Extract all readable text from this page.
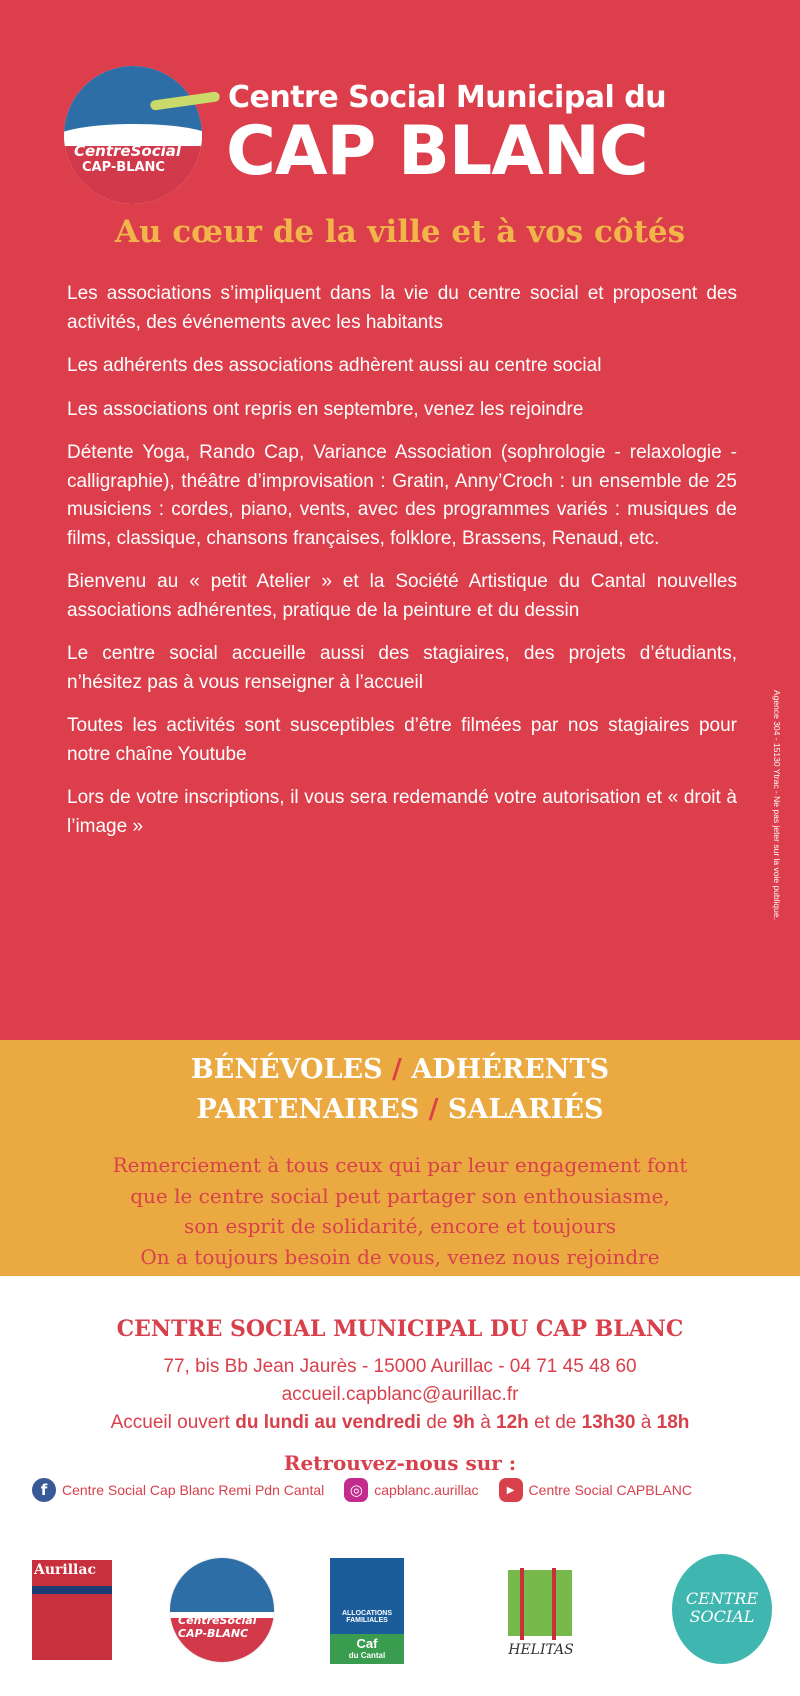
CentreSocial
CAP-BLANC
Centre Social Municipal du
CAP BLANC
Au cœur de la ville et à vos côtés

Les associations s’impliquent dans la vie du centre social et proposent des activités, des événements avec les habitants

Les adhérents des associations adhèrent aussi au centre social

Les associations ont repris en septembre, venez les rejoindre

Détente Yoga, Rando Cap, Variance Association (sophrologie - relaxologie - calligraphie), théâtre d’improvisation : Gratin, Anny’Croch : un ensemble de 25 musiciens : cordes, piano, vents, avec des programmes variés : musiques de films, classique, chansons françaises, folklore, Brassens, Renaud, etc.

Bienvenu au « petit Atelier » et la Société Artistique du Cantal nouvelles associations adhérentes, pratique de la peinture et du dessin

Le centre social accueille aussi des stagiaires, des projets d’étudiants, n’hésitez pas à vous renseigner à l’accueil

Toutes les activités sont susceptibles d’être filmées par nos stagiaires pour notre chaîne Youtube

Lors de votre inscriptions, il vous sera redemandé votre autorisation et « droit à l’image »	Agence 304 - 15130 Ytrac - Ne pas jeter sur la voie publique.
BÉNÉVOLES / ADHÉRENTS
PARTENAIRES / SALARIÉS
Remerciement à tous ceux qui par leur engagement font
que le centre social peut partager son enthousiasme,
son esprit de solidarité, encore et toujours
On a toujours besoin de vous, venez nous rejoindre
CENTRE SOCIAL MUNICIPAL DU CAP BLANC
77, bis Bb Jean Jaurès - 15000 Aurillac - 04 71 45 48 60
accueil.capblanc@aurillac.fr
Accueil ouvert du lundi au vendredi de 9h à 12h et de 13h30 à 18h
Retrouvez-nous sur :
f	Centre Social Cap Blanc Remi Pdn Cantal	◎ capblanc.aurillac	▶	Centre Social CAPBLANC
Aurillac
CentreSocial CAP-BLANC
ALLOCATIONS FAMILIALES
Caf
du Cantal	HELITAS
CENTRE
SOCIAL
